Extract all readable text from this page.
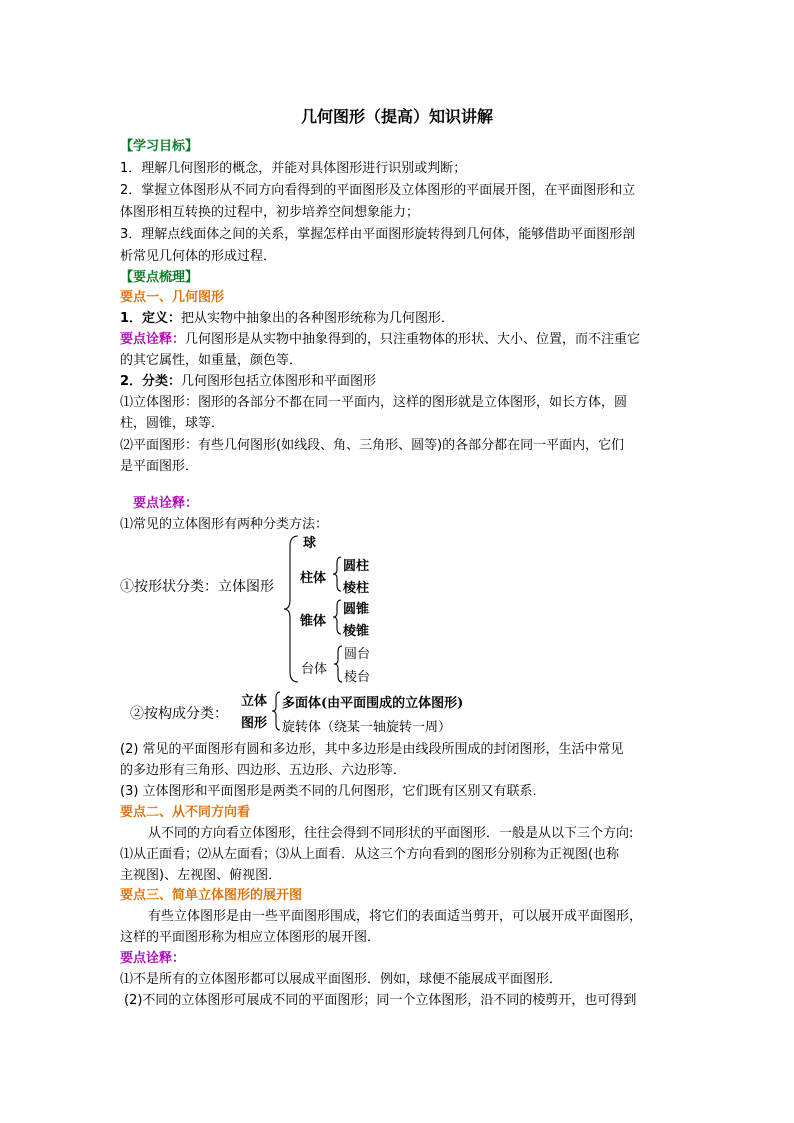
几何图形（提高）知识讲解
【学习目标】
1．理解几何图形的概念，并能对具体图形进行识别或判断；
2．掌握立体图形从不同方向看得到的平面图形及立体图形的平面展开图，在平面图形和立
体图形相互转换的过程中，初步培养空间想象能力；
3．理解点线面体之间的关系，掌握怎样由平面图形旋转得到几何体，能够借助平面图形剖
析常见几何体的形成过程．
【要点梳理】
要点一、几何图形
1．定义：把从实物中抽象出的各种图形统称为几何图形．
要点诠释：几何图形是从实物中抽象得到的，只注重物体的形状、大小、位置，而不注重它
的其它属性，如重量，颜色等．
2．分类：几何图形包括立体图形和平面图形
⑴立体图形：图形的各部分不都在同一平面内，这样的图形就是立体图形，如长方体，圆
柱，圆锥，球等．
⑵平面图形：有些几何图形(如线段、角、三角形、圆等)的各部分都在同一平面内，它们
是平面图形．
要点诠释：
⑴常见的立体图形有两种分类方法：
①按形状分类：立体图形
球
柱体
圆柱
棱柱
锥体
圆锥
棱锥
台体
圆台
棱台
②按构成分类：
立体
图形
多面体(由平面围成的立体图形)
旋转体（绕某一轴旋转一周）
(2) 常见的平面图形有圆和多边形，其中多边形是由线段所围成的封闭图形，生活中常见
的多边形有三角形、四边形、五边形、六边形等．
(3) 立体图形和平面图形是两类不同的几何图形，它们既有区别又有联系．
要点二、从不同方向看
从不同的方向看立体图形，往往会得到不同形状的平面图形．一般是从以下三个方向:
⑴从正面看；⑵从左面看；⑶从上面看．从这三个方向看到的图形分别称为正视图(也称
主视图)、左视图、俯视图．
要点三、简单立体图形的展开图
有些立体图形是由一些平面图形围成，将它们的表面适当剪开，可以展开成平面图形，
这样的平面图形称为相应立体图形的展开图．
要点诠释：
⑴不是所有的立体图形都可以展成平面图形．例如，球便不能展成平面图形．
(2)不同的立体图形可展成不同的平面图形；同一个立体图形，沿不同的棱剪开，也可得到
